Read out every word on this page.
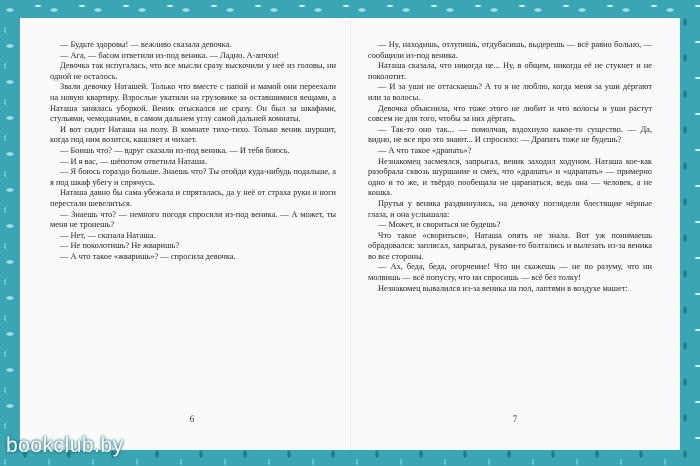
— Будьте здоровы! — вежливо сказала девочка.

— Ага, — басом ответили из-под веника. — Ладно. А-апчхи!

Девочка так испугалась, что все мысли сразу выскочили у неё из головы, ни одной не осталось.

Звали девочку Наташей. Только что вместе с папой и мамой они переехали на новую квартиру. Взрослые укатили на грузовике за оставшимися вещами, а Наташа занялась уборкой. Веник отыскался не сразу. Он был за шкафами, стульями, чемоданами, в самом дальнем углу самой дальней комнаты.

И вот сидит Наташа на полу. В комнате тихо-тихо. Только веник шуршит, когда под ним возится, кашляет и чихает.

— Боишь что? — вдруг сказали из-под веника. — И тебя боюсь.

— И я вас, — шёпотом ответила Наташа.

— Я боюсь гораздо больше. Знаешь что? Ты отойди куда-нибудь подальше, а я под шкаф убегу и спрячусь.

Наташа давно бы сама убежала и спряталась, да у неё от страха руки и ноги перестали шевелиться.

— Знаешь что? — немного погодя спросили из-под веника. — А может, ты меня не тронешь?

— Нет, — сказала Наташа.

— Не поколотишь? Не жваришь?

— А что такое «жваришь»? — спросила девочка.

6

— Ну, находишь, отлупишь, отдубасишь, выдерешь — всё равно больно, — сообщили из-под веника.

Наташа сказала, что никогда не... Ну, в общем, никогда её не стукнет и не поколотит.

— И за уши не оттаскаешь? А то я не люблю, когда меня за уши дёргают или за волосы.

Девочка объяснила, что тоже этого не любит и что волосы и уши растут совсем не для того, чтобы за них дёргать.

— Так-то оно так... — помолчав, вздохнуло какое-то существо. — Да, видно, не все про это знают... И спросило: — Драпать тоже не будешь?

— А что такое «драпать»?

Незнакомец засмеялся, запрыгал, веник заходил ходуном. Наташа кое-как разобрала сквозь шуршание и смех, что «драпать» и «царапать» — примерно одно и то же, и твёрдо пообещала не царапаться, ведь она — человек, а не кошка.

Прутья у веника раздвинулись, на девочку поглядели блестящие чёрные глаза, и она услышала:

— Может, и свориться не будешь?

Что такое «свориться», Наташа опять не знала. Вот уж понимаешь обрадовался: заплясал, запрыгал, руками-то болтались и вылезать из-за веника во все стороны.

— Ах, беда, беда, огорчение! Что ни скажешь — не по разуму, что ни молвишь — всё попусту, что ни спросишь — всё без толку!

Незнакомец вывалился из-за веника на пол, лаптями в воздухе машет:

7
bookclub.by
